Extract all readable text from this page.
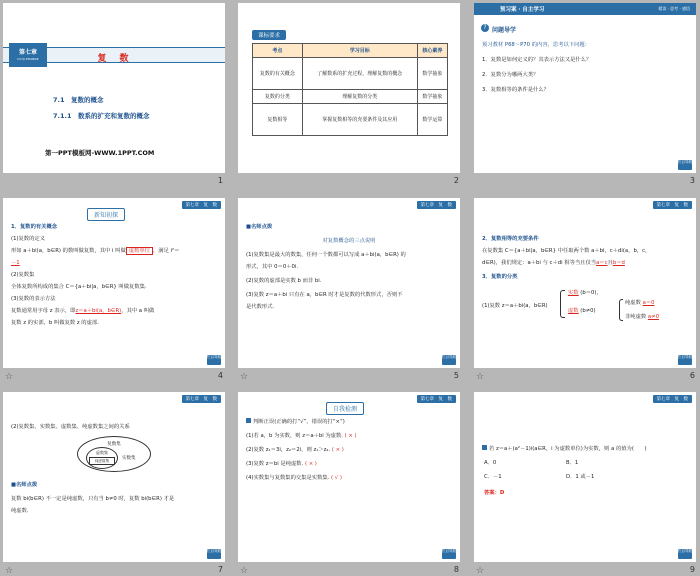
第七章
DI QI ZHANGE	复　数
7.1　复数的概念
7.1.1　数系的扩充和复数的概念
第一PPT模板网-WWW.1PPT.COM
1
课标要求
考点	学习目标	核心素养
复数的有关概念	了解数系的扩充过程，理解复数的概念	数学抽象
复数的分类	理解复数的分类	数学抽象
复数相等	掌握复数相等的充要条件及其应用	数学运算
2
预习案 · 自主学习	精读 · 思考 · 感悟
? 问题导学
预习教材 P68～P70 的内容，思考以下问题：
1．复数是如何定义的？其表示方法又是什么？
2．复数分为哪两大类？
3．复数相等的条件是什么？
栏目导航
3
第七章　复　数
新知初探
1．复数的有关概念
(1)复数的定义
形如 a＋bi(a，b∈R) 的数叫做复数，其中 i 叫做 虚数单位 ，满足 i²＝
－1
(2)复数集
全体复数所构成的集合 C＝{a＋bi|a，b∈R} 叫做复数集.
(3)复数的表示方法
复数通常用字母 z 表示，即z＝a＋bi(a，b∈R)，其中 a 叫做
复数 z 的实部，b 叫做复数 z 的虚部.
栏目导航
☆	4
第七章　复　数
■名师点拨
对复数概念的三点说明
(1)复数集是最大的数集，任何一个数都可以写成 a＋bi(a，b∈R) 的
形式，其中 0＝0＋0i.
(2)复数的虚部是实数 b 而非 bi.
(3)复数 z＝a＋bi 只有在 a，b∈R 时才是复数的代数形式，否则不
是代数形式.
栏目导航
☆	5
第七章　复　数
2．复数相等的充要条件
在复数集 C＝{a＋bi|a，b∈R} 中任取两个数 a＋bi，c＋di(a，b，c，
d∈R)，我们规定：a＋bi 与 c＋di 相等当且仅当a＝c且b＝d
3．复数的分类
(1)复数 z＝a＋bi(a，b∈R)
实数 (b＝0)，
虚数 (b≠0)
纯虚数 a＝0
非纯虚数 a≠0
栏目导航
☆	6
第七章　复　数
(2)复数集、实数集、虚数集、纯虚数集之间的关系
复数集
虚数集
纯虚数集	实数集
■名师点拨
复数 bi(b∈R) 不一定是纯虚数，只有当 b≠0 时，复数 bi(b∈R) 才是
纯虚数.
栏目导航
☆	7
第七章　复　数
自我检测
判断正误(正确的打“√”，错误的打“×”)
(1)若 a，b 为实数，则 z＝a＋bi 为虚数. ( × )
(2)复数 z₁＝3i，z₂＝2i，则 z₁＞z₂. ( × )
(3)复数 z＝bi 是纯虚数. ( × )
(4)实数集与复数集的交集是实数集. ( √ )
栏目导航
☆	8
第七章　复　数
若 z＝a＋(a²－1)i(a∈R，i 为虚数单位)为实数，则 a 的值为(　　)
A．0	B．1
C．－1	D．1 或－1
答案：D
栏目导航
☆	9
